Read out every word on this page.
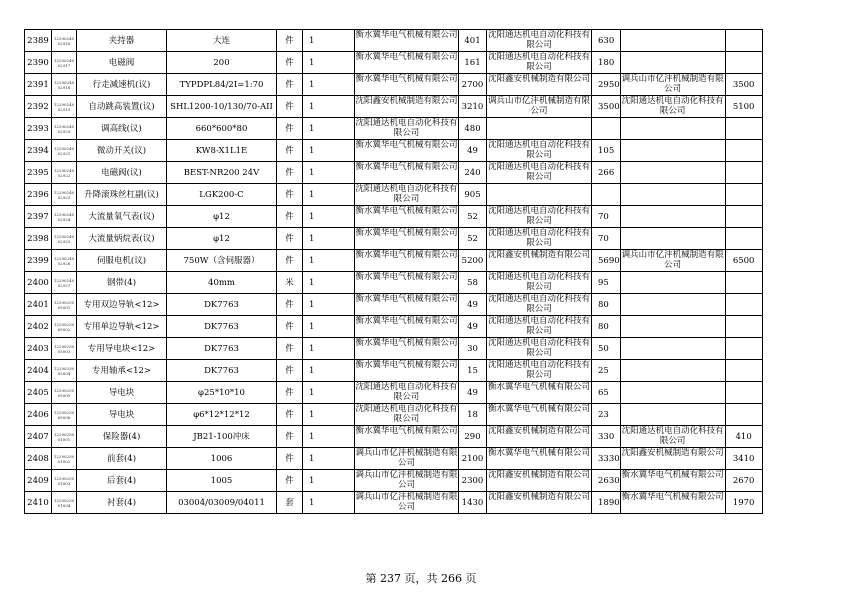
2389	12290240 02916	夹持器	大连	件	1	衡水冀华电气机械有限公司	401	沈阳通达机电自动化科技有限公司	630	

2390	12290240 02917	电磁阀	200	件	1	衡水冀华电气机械有限公司	161	沈阳通达机电自动化科技有限公司	180	

2391	12290240 02918	行走减速机(议)	TYPDPL84/2I=1:70	件	1	衡水冀华电气机械有限公司	2700	沈阳鑫安机械制造有限公司	2950	调兵山市亿沣机械制造有限公司	3500
2392	12290240 02919	自动跳高装置(议)	SHL1200-10/130/70-AII	件	1	沈阳鑫安机械制造有限公司	3210	调兵山市亿沣机械制造有限公司	3500	沈阳通达机电自动化科技有限公司	5100
2393	12290240 02920	调高线(议)	660*600*80	件	1	沈阳通达机电自动化科技有限公司	480	

2394	12290240 02921	微动开关(议)	KW8-X1L1E	件	1	衡水冀华电气机械有限公司	49	沈阳通达机电自动化科技有限公司	105	

2395	12290240 02922	电磁阀(议)	BEST-NR200 24V	件	1	衡水冀华电气机械有限公司	240	沈阳通达机电自动化科技有限公司	266	

2396	12290240 02923	升降滚珠丝杠副(议)	LGK200-C	件	1	沈阳通达机电自动化科技有限公司	905	

2397	12290240 02924	大流量氧气表(议)	φ12	件	1	衡水冀华电气机械有限公司	52	沈阳通达机电自动化科技有限公司	70	

2398	12290240 02925	大流量炳烷表(议)	φ12	件	1	衡水冀华电气机械有限公司	52	沈阳通达机电自动化科技有限公司	70	

2399	12290240 02926	伺服电机(议)	750W（含伺服器）	件	1	衡水冀华电气机械有限公司	5200	沈阳鑫安机械制造有限公司	5690	调兵山市亿沣机械制造有限公司	6500
2400	12290240 02927	钢带(4)	40mm	米	1	衡水冀华电气机械有限公司	58	沈阳通达机电自动化科技有限公司	95	

2401	12290250 05001	专用双边导轨<12>	DK7763	件	1	衡水冀华电气机械有限公司	49	沈阳通达机电自动化科技有限公司	80	

2402	12290250 05002	专用单边导轨<12>	DK7763	件	1	衡水冀华电气机械有限公司	49	沈阳通达机电自动化科技有限公司	80	

2403	12290250 05003	专用导电块<12>	DK7763	件	1	衡水冀华电气机械有限公司	30	沈阳通达机电自动化科技有限公司	50	

2404	12290250 05004	专用轴承<12>	DK7763	件	1	衡水冀华电气机械有限公司	15	沈阳通达机电自动化科技有限公司	25	

2405	12290250 05005	导电块	φ25*10*10	件	1	沈阳通达机电自动化科技有限公司	49	衡水冀华电气机械有限公司	65	

2406	12290250 05006	导电块	φ6*12*12*12	件	1	沈阳通达机电自动化科技有限公司	18	衡水冀华电气机械有限公司	23	

2407	12290250 01001	保险器(4)	JB21-100冲床	件	1	衡水冀华电气机械有限公司	290	沈阳鑫安机械制造有限公司	330	沈阳通达机电自动化科技有限公司	410
2408	12290250 01002	前套(4)	1006	件	1	调兵山市亿沣机械制造有限公司	2100	衡水冀华电气机械有限公司	3330	沈阳鑫安机械制造有限公司	3410
2409	12290250 01003	后套(4)	1005	件	1	调兵山市亿沣机械制造有限公司	2300	沈阳鑫安机械制造有限公司	2630	衡水冀华电气机械有限公司	2670
2410	12290250 01004	衬套(4)	03004/03009/04011	套	1	调兵山市亿沣机械制造有限公司	1430	沈阳鑫安机械制造有限公司	1890	衡水冀华电气机械有限公司	1970
第 237 页，共 266 页
